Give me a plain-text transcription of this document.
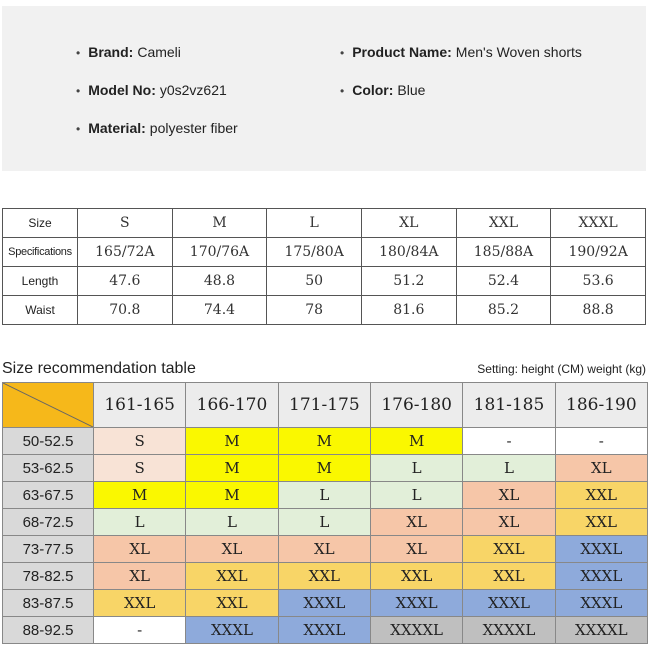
• Brand: Cameli	• Product Name: Men's Woven shorts
• Model No: y0s2vz621	• Color: Blue
• Material: polyester fiber
Size	S	M	L	XL	XXL	XXXL
Specifications	165/72A	170/76A	175/80A	180/84A	185/88A	190/92A
Length	47.6	48.8	50	51.2	52.4	53.6
Waist	70.8	74.4	78	81.6	85.2	88.8
Size recommendation table	Setting: height (CM) weight (kg)
	161-165	166-170	171-175	176-180	181-185	186-190
50-52.5	S	M	M	M	-	-
53-62.5	S	M	M	L	L	XL
63-67.5	M	M	L	L	XL	XXL
68-72.5	L	L	L	XL	XL	XXL
73-77.5	XL	XL	XL	XL	XXL	XXXL
78-82.5	XL	XXL	XXL	XXL	XXL	XXXL
83-87.5	XXL	XXL	XXXL	XXXL	XXXL	XXXL
88-92.5	-	XXXL	XXXL	XXXXL	XXXXL	XXXXL
